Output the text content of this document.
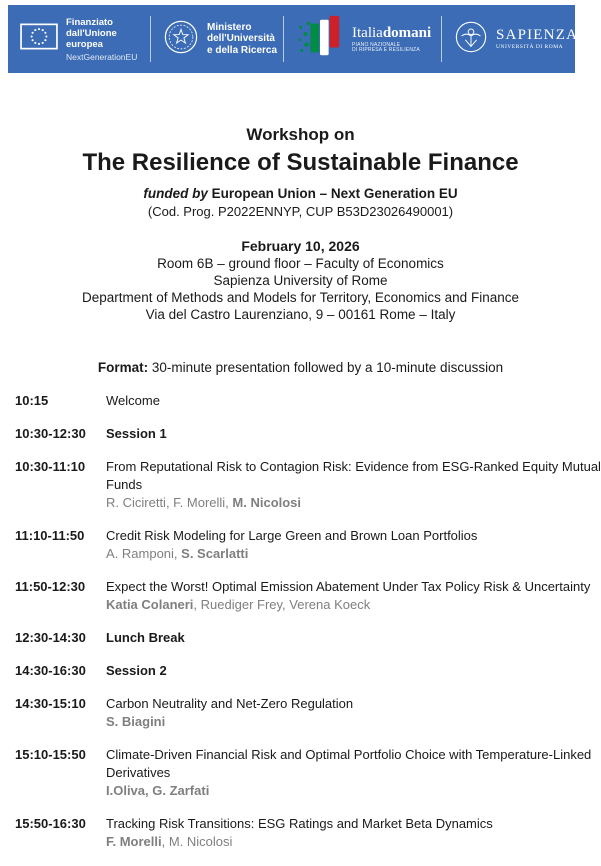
Finanziato
dall'Unione europea
NextGenerationEU
Ministero
dell'Università
e della Ricerca
Italiadomani
PIANO NAZIONALE
DI RIPRESA E RESILIENZA
SAPIENZA
UNIVERSITÀ DI ROMA
Workshop on
The Resilience of Sustainable Finance
funded by European Union – Next Generation EU
(Cod. Prog. P2022ENNYP, CUP B53D23026490001)
February 10, 2026
Room 6B – ground floor – Faculty of Economics
Sapienza University of Rome
Department of Methods and Models for Territory, Economics and Finance
Via del Castro Laurenziano, 9 – 00161 Rome – Italy
Format: 30-minute presentation followed by a 10-minute discussion
10:15	Welcome
10:30-12:30	Session 1
10:30-11:10	From Reputational Risk to Contagion Risk: Evidence from ESG-Ranked Equity Mutual
Funds
R. Ciciretti, F. Morelli, M. Nicolosi
11:10-11:50	Credit Risk Modeling for Large Green and Brown Loan Portfolios
A. Ramponi, S. Scarlatti
11:50-12:30	Expect the Worst! Optimal Emission Abatement Under Tax Policy Risk & Uncertainty
Katia Colaneri, Ruediger Frey, Verena Koeck
12:30-14:30	Lunch Break
14:30-16:30	Session 2
14:30-15:10	Carbon Neutrality and Net-Zero Regulation
S. Biagini
15:10-15:50	Climate-Driven Financial Risk and Optimal Portfolio Choice with Temperature-Linked
Derivatives
I.Oliva, G. Zarfati
15:50-16:30	Tracking Risk Transitions: ESG Ratings and Market Beta Dynamics
F. Morelli, M. Nicolosi
